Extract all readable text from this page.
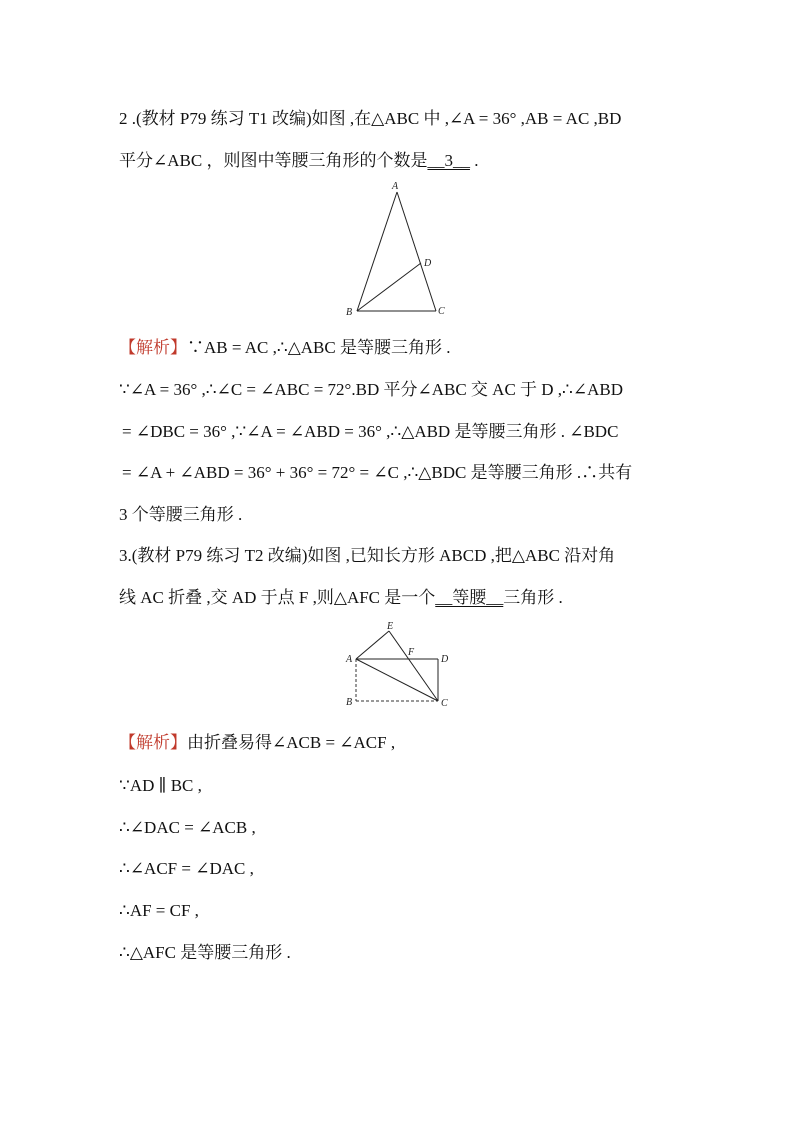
2 .(教材 P79 练习 T1 改编)如图 ,在△ABC 中 ,∠A = 36° ,AB = AC ,BD
平分∠ABC ，则图中等腰三角形的个数是__3__ .
A
B	C
D
【解析】∵AB = AC ,∴△ABC 是等腰三角形 .
∵∠A = 36° ,∴∠C = ∠ABC = 72°.BD 平分∠ABC 交 AC 于 D ,∴∠ABD
= ∠DBC = 36° ,∵∠A = ∠ABD = 36° ,∴△ABD 是等腰三角形 . ∠BDC
= ∠A + ∠ABD = 36° + 36° = 72° = ∠C ,∴△BDC 是等腰三角形 .∴共有
3 个等腰三角形 .
3.(教材 P79 练习 T2 改编)如图 ,已知长方形 ABCD ,把△ABC 沿对角
线 AC 折叠 ,交 AD 于点 F ,则△AFC 是一个__等腰__三角形 .
A
B	C
D
E
F
【解析】由折叠易得∠ACB = ∠ACF ,
∵AD ∥ BC ,
∴∠DAC = ∠ACB ,
∴∠ACF = ∠DAC ,
∴AF = CF ,
∴△AFC 是等腰三角形 .
